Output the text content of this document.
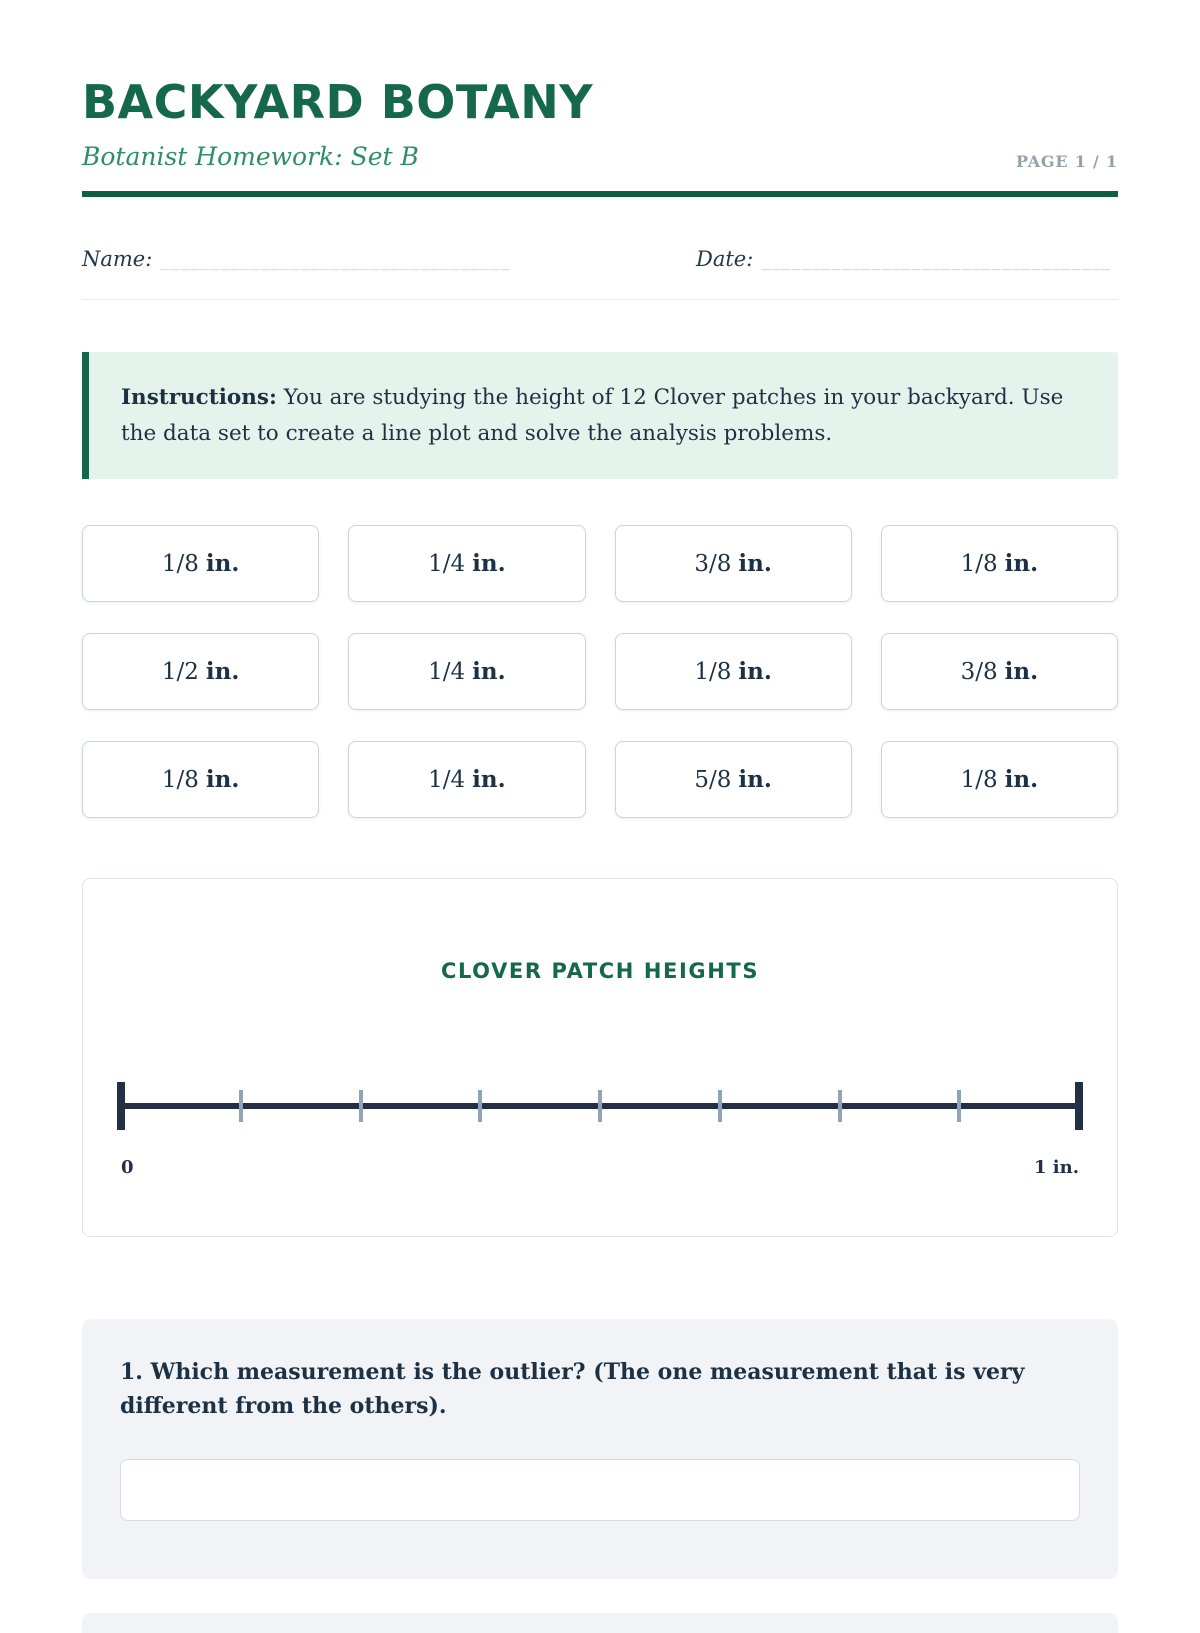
BACKYARD BOTANY
Botanist Homework: Set B	PAGE 1 / 1
Name: ___________________________________	Date: ___________________________________
Instructions: You are studying the height of 12 Clover patches in your backyard. Use the data set to create a line plot and solve the analysis problems.
1/8 in.	1/4 in.	3/8 in.	1/8 in.
1/2 in.	1/4 in.	1/8 in.	3/8 in.
1/8 in.	1/4 in.	5/8 in.	1/8 in.
CLOVER PATCH HEIGHTS
0	1 in.
1. Which measurement is the outlier? (The one measurement that is very different from the others).
